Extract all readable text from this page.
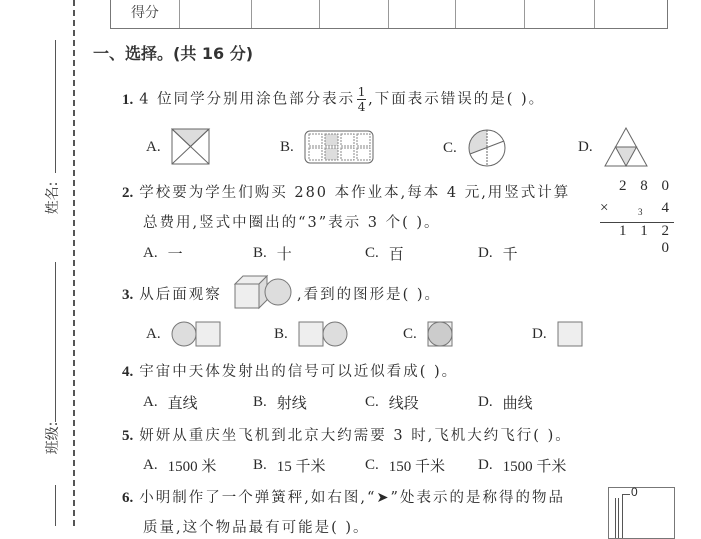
姓名:
班级:
得分
一、选择。(共 16 分)
1. 4 位同学分别用涂色部分表示 $\frac{1}{4}$ ,下面表示错误的是( )。
A.	B.	C.	D.
2. 学校要为学生们购买 280 本作业本,每本 4 元,用竖式计算
总费用,竖式中圈出的“3”表示 3 个( )。
A. 一	B. 十	C. 百	D. 千
2 8 0
×	3 4
1 1 2 0
3. 从后面观察	,看到的图形是( )。
A.	B.	C.	D.
4. 宇宙中天体发射出的信号可以近似看成( )。
A. 直线	B. 射线	C. 线段	D. 曲线
5. 妍妍从重庆坐飞机到北京大约需要 3 时,飞机大约飞行( )。
A. 1500 米 B. 15 千米	C. 150 千米 D. 1500 千米
6. 小明制作了一个弹簧秤,如右图,“➤”处表示的是称得的物品
质量,这个物品最有可能是( )。
0
